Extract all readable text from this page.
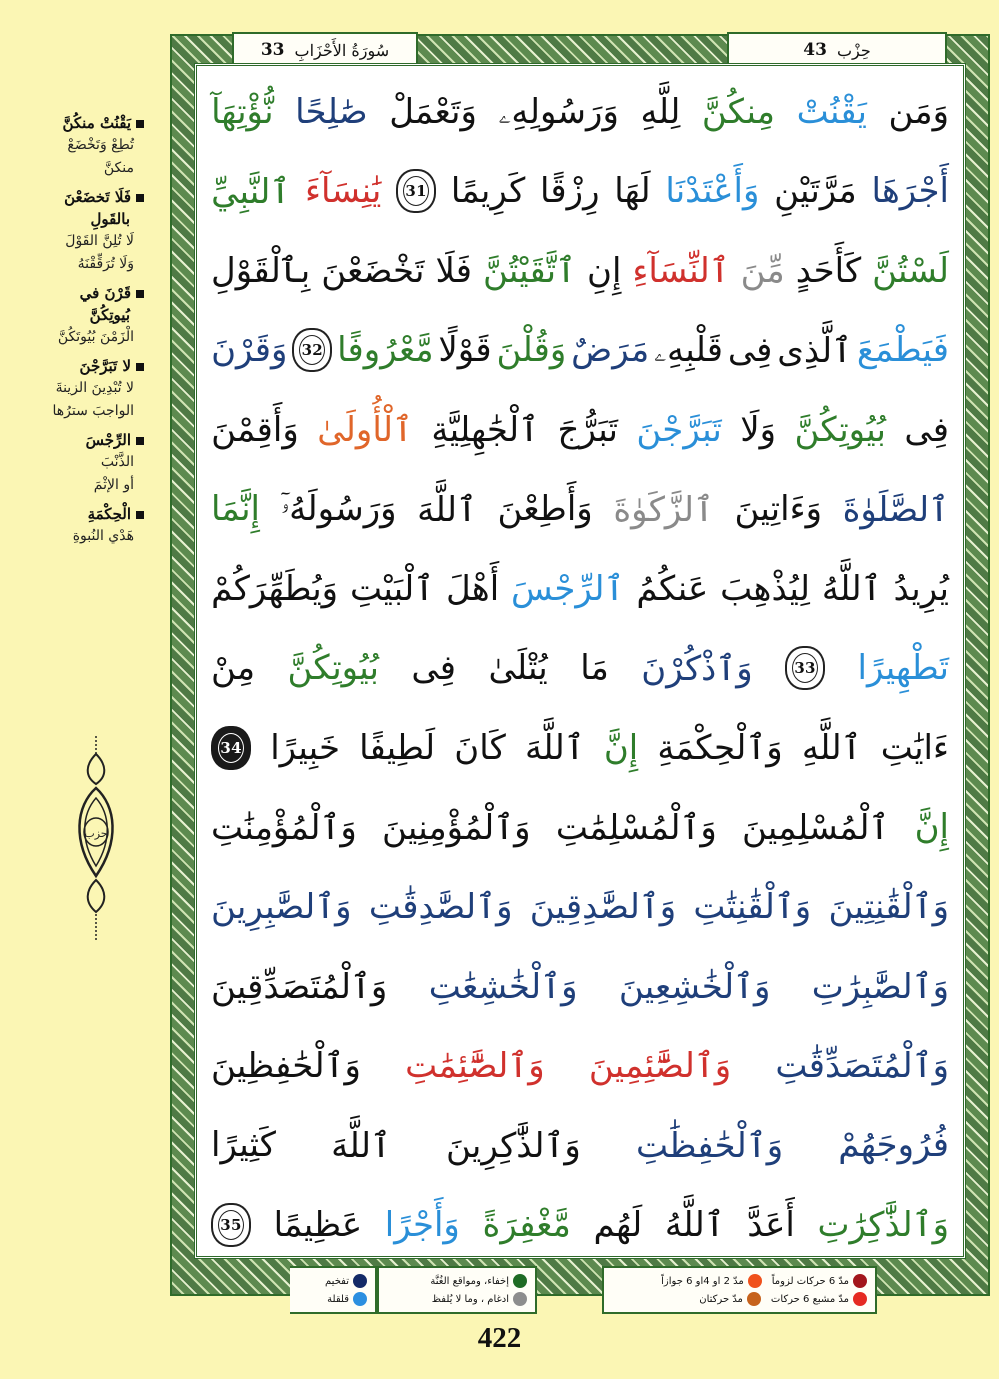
يَقْنُتْ منكُنَّ
تُطِعْ وَتَخْضَعْ
منكنَّ
فَلَا تَخضَعْنَ
بالقَولِ
لَا تُلِنَّ القَوْلَ
وَلَا تُرَقِّقْنَهُ
قَرْنَ في
بُيوتِكُنَّ
الْزَمْنَ بُيُوتَكُنَّ
لا تَبَرَّجْنَ
لا تُبْدِينَ الزينةَ
الواجبَ سترُها
الرِّجْسَ
الذَّنْبَ
أو الإثْمَ
الْحِكْمَةِ
هَدْي النُبوةِ
حزب
حِزْب
43
سُورَةُ الأَحْزَابِ
33
وَمَن
يَقْنُتْ
مِنكُنَّ
لِلَّهِ
وَرَسُولِهِۦ
وَتَعْمَلْ
صَٰلِحًا
نُّؤْتِهَآ
أَجْرَهَا
مَرَّتَيْنِ
وَأَعْتَدْنَا
لَهَا
رِزْقًا
كَرِيمًا
31
يَٰنِسَآءَ
ٱلنَّبِيِّ
لَسْتُنَّ
كَأَحَدٍ
مِّنَ
ٱلنِّسَآءِ
إِنِ
ٱتَّقَيْتُنَّ
فَلَا
تَخْضَعْنَ
بِٱلْقَوْلِ
فَيَطْمَعَ
ٱلَّذِى
فِى
قَلْبِهِۦ
مَرَضٌ
وَقُلْنَ
قَوْلًا
مَّعْرُوفًا
32
وَقَرْنَ
فِى
بُيُوتِكُنَّ
وَلَا
تَبَرَّجْنَ
تَبَرُّجَ
ٱلْجَٰهِلِيَّةِ
ٱلْأُولَىٰ
وَأَقِمْنَ
ٱلصَّلَوٰةَ
وَءَاتِينَ
ٱلزَّكَوٰةَ
وَأَطِعْنَ
ٱللَّهَ
وَرَسُولَهُۥٓ
إِنَّمَا
يُرِيدُ
ٱللَّهُ
لِيُذْهِبَ
عَنكُمُ
ٱلرِّجْسَ
أَهْلَ
ٱلْبَيْتِ
وَيُطَهِّرَكُمْ
تَطْهِيرًا
33
وَٱذْكُرْنَ
مَا
يُتْلَىٰ
فِى
بُيُوتِكُنَّ
مِنْ
ءَايَٰتِ
ٱللَّهِ
وَٱلْحِكْمَةِ
إِنَّ
ٱللَّهَ
كَانَ
لَطِيفًا
خَبِيرًا
34
إِنَّ
ٱلْمُسْلِمِينَ
وَٱلْمُسْلِمَٰتِ
وَٱلْمُؤْمِنِينَ
وَٱلْمُؤْمِنَٰتِ
وَٱلْقَٰنِتِينَ
وَٱلْقَٰنِتَٰتِ
وَٱلصَّٰدِقِينَ
وَٱلصَّٰدِقَٰتِ
وَٱلصَّٰبِرِينَ
وَٱلصَّٰبِرَٰتِ
وَٱلْخَٰشِعِينَ
وَٱلْخَٰشِعَٰتِ
وَٱلْمُتَصَدِّقِينَ
وَٱلْمُتَصَدِّقَٰتِ
وَٱلصَّٰٓئِمِينَ
وَٱلصَّٰٓئِمَٰتِ
وَٱلْحَٰفِظِينَ
فُرُوجَهُمْ
وَٱلْحَٰفِظَٰتِ
وَٱلذَّٰكِرِينَ
ٱللَّهَ
كَثِيرًا
وَٱلذَّٰكِرَٰتِ
أَعَدَّ
ٱللَّهُ
لَهُم
مَّغْفِرَةً
وَأَجْرًا
عَظِيمًا
35
مدّ 6 حركات لزوماً
مدّ 2 او 4او 6 جوازاً
مدّ مشبع 6 حركات
مدّ حركتان
إخفاء، ومواقع الغُنَّة
ادغام ، وما لا يُلفظ
تفخيم
قلقلة
422
